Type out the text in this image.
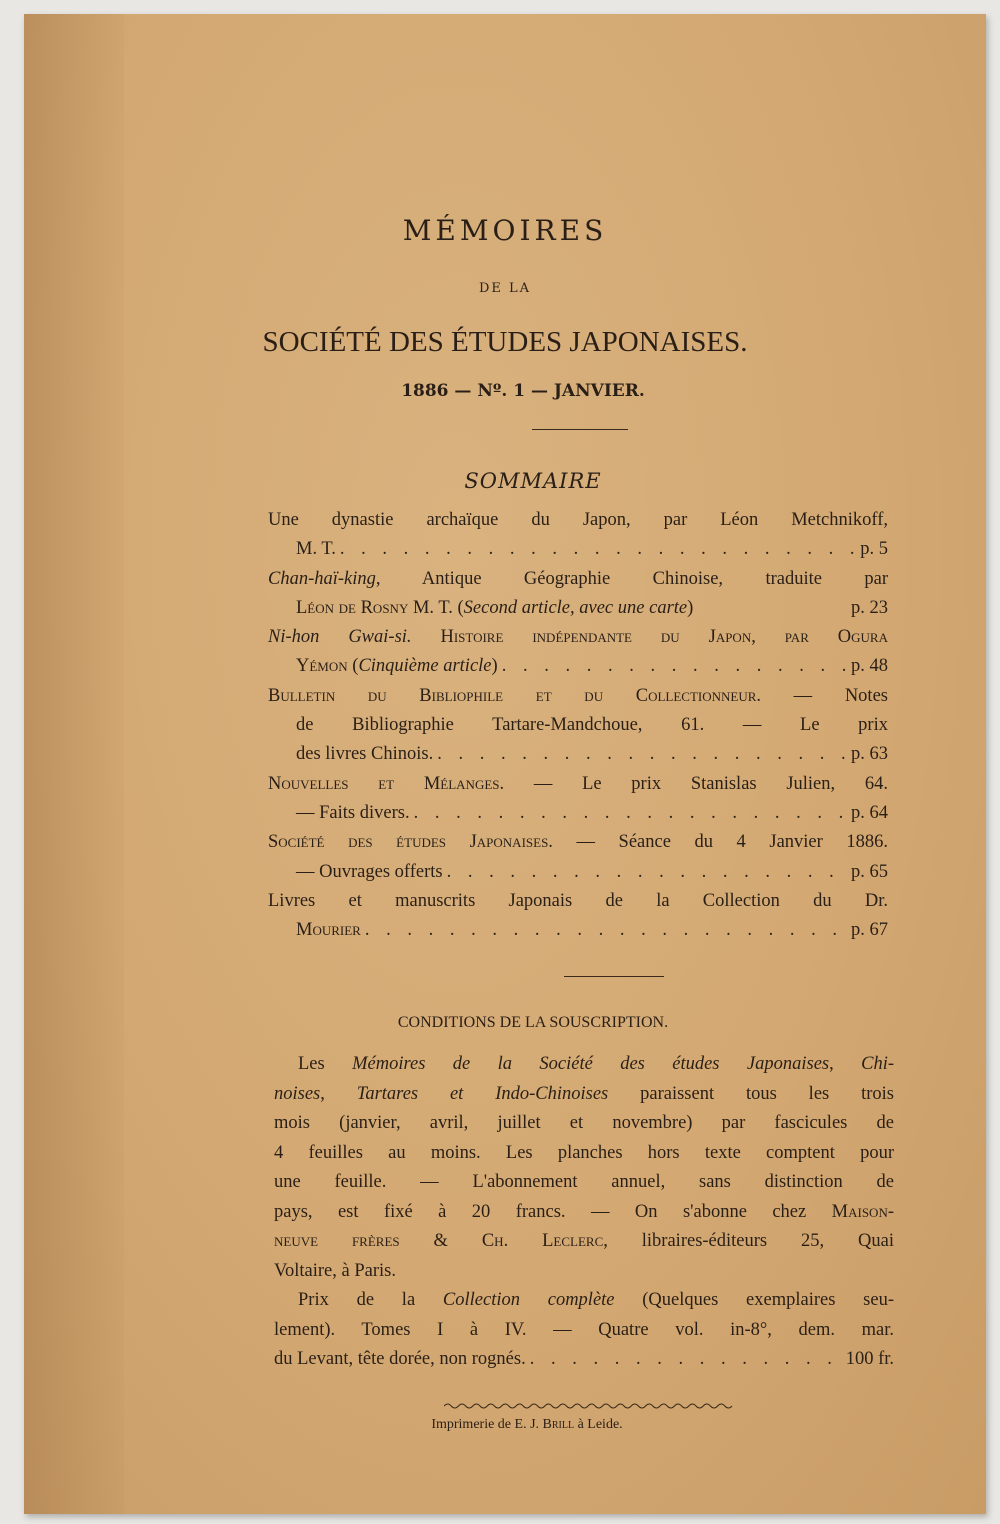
MÉMOIRES
DE LA
SOCIÉTÉ DES ÉTUDES JAPONAISES.
1886 — Nº. 1 — JANVIER.
SOMMAIRE
Une dynastie archaïque du Japon, par Léon Metchnikoff,
M. T. . . .	p. 5
Chan-haï-king, Antique Géographie Chinoise, traduite par
Léon de Rosny M. T. (Second article, avec une carte)	p. 23
Ni-hon Gwai-si. Histoire indépendante du Japon, par Ogura
Yémon (Cinquième article) . . .	p. 48
Bulletin du Bibliophile et du Collectionneur. — Notes
de Bibliographie Tartare-Mandchoue, 61. — Le prix
des livres Chinois. . . .	p. 63
Nouvelles et Mélanges. — Le prix Stanislas Julien, 64.
— Faits divers. . . .	p. 64
Société des études Japonaises. — Séance du 4 Janvier 1886.
— Ouvrages offerts . . .	p. 65
Livres et manuscrits Japonais de la Collection du Dr.
Mourier . . .	p. 67
CONDITIONS DE LA SOUSCRIPTION.
Les Mémoires de la Société des études Japonaises, Chi-
noises, Tartares et Indo-Chinoises paraissent tous les trois
mois (janvier, avril, juillet et novembre) par fascicules de
4 feuilles au moins. Les planches hors texte comptent pour
une feuille. — L'abonnement annuel, sans distinction de
pays, est fixé à 20 francs. — On s'abonne chez Maison-
neuve frères & Ch. Leclerc, libraires-éditeurs 25, Quai
Voltaire, à Paris.
Prix de la Collection complète (Quelques exemplaires seu-
lement). Tomes I à IV. — Quatre vol. in-8°, dem. mar.
du Levant, tête dorée, non rognés. . . .	100 fr.
Imprimerie de E. J. Brill à Leide.
